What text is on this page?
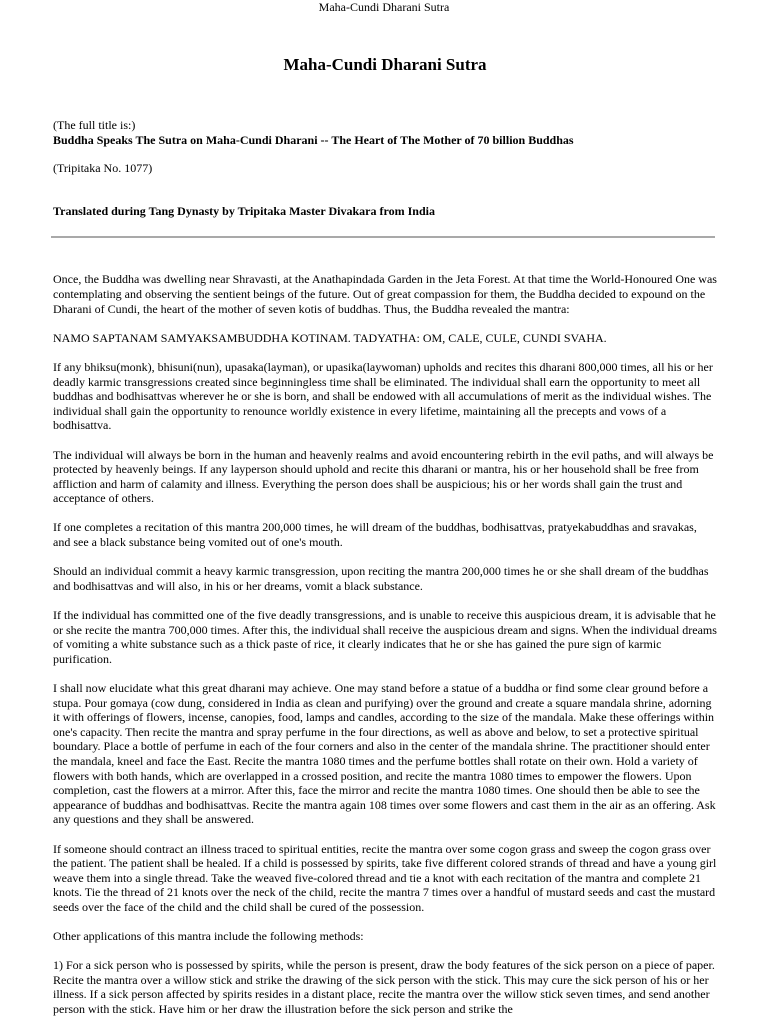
Maha-Cundi Dharani Sutra
Maha-Cundi Dharani Sutra

(The full title is:)

Buddha Speaks The Sutra on Maha-Cundi Dharani -- The Heart of The Mother of 70 billion Buddhas

(Tripitaka No. 1077)

Translated during Tang Dynasty by Tripitaka Master Divakara from India

Once, the Buddha was dwelling near Shravasti, at the Anathapindada Garden in the Jeta Forest. At that time the World-Honoured One was contemplating and observing the sentient beings of the future. Out of great compassion for them, the Buddha decided to expound on the Dharani of Cundi, the heart of the mother of seven kotis of buddhas. Thus, the Buddha revealed the mantra:

NAMO SAPTANAM SAMYAKSAMBUDDHA KOTINAM. TADYATHA: OM, CALE, CULE, CUNDI SVAHA.

If any bhiksu(monk), bhisuni(nun), upasaka(layman), or upasika(laywoman) upholds and recites this dharani 800,000 times, all his or her deadly karmic transgressions created since beginningless time shall be eliminated. The individual shall earn the opportunity to meet all buddhas and bodhisattvas wherever he or she is born, and shall be endowed with all accumulations of merit as the individual wishes. The individual shall gain the opportunity to renounce worldly existence in every lifetime, maintaining all the precepts and vows of a bodhisattva.

The individual will always be born in the human and heavenly realms and avoid encountering rebirth in the evil paths, and will always be protected by heavenly beings. If any layperson should uphold and recite this dharani or mantra, his or her household shall be free from affliction and harm of calamity and illness. Everything the person does shall be auspicious; his or her words shall gain the trust and acceptance of others.

If one completes a recitation of this mantra 200,000 times, he will dream of the buddhas, bodhisattvas, pratyekabuddhas and sravakas, and see a black substance being vomited out of one's mouth.

Should an individual commit a heavy karmic transgression, upon reciting the mantra 200,000 times he or she shall dream of the buddhas and bodhisattvas and will also, in his or her dreams, vomit a black substance.

If the individual has committed one of the five deadly transgressions, and is unable to receive this auspicious dream, it is advisable that he or she recite the mantra 700,000 times. After this, the individual shall receive the auspicious dream and signs. When the individual dreams of vomiting a white substance such as a thick paste of rice, it clearly indicates that he or she has gained the pure sign of karmic purification.

I shall now elucidate what this great dharani may achieve. One may stand before a statue of a buddha or find some clear ground before a stupa. Pour gomaya (cow dung, considered in India as clean and purifying) over the ground and create a square mandala shrine, adorning it with offerings of flowers, incense, canopies, food, lamps and candles, according to the size of the mandala. Make these offerings within one's capacity. Then recite the mantra and spray perfume in the four directions, as well as above and below, to set a protective spiritual boundary. Place a bottle of perfume in each of the four corners and also in the center of the mandala shrine. The practitioner should enter the mandala, kneel and face the East. Recite the mantra 1080 times and the perfume bottles shall rotate on their own. Hold a variety of flowers with both hands, which are overlapped in a crossed position, and recite the mantra 1080 times to empower the flowers. Upon completion, cast the flowers at a mirror. After this, face the mirror and recite the mantra 1080 times. One should then be able to see the appearance of buddhas and bodhisattvas. Recite the mantra again 108 times over some flowers and cast them in the air as an offering. Ask any questions and they shall be answered.

If someone should contract an illness traced to spiritual entities, recite the mantra over some cogon grass and sweep the cogon grass over the patient. The patient shall be healed. If a child is possessed by spirits, take five different colored strands of thread and have a young girl weave them into a single thread. Take the weaved five-colored thread and tie a knot with each recitation of the mantra and complete 21 knots. Tie the thread of 21 knots over the neck of the child, recite the mantra 7 times over a handful of mustard seeds and cast the mustard seeds over the face of the child and the child shall be cured of the possession.

Other applications of this mantra include the following methods:

1) For a sick person who is possessed by spirits, while the person is present, draw the body features of the sick person on a piece of paper. Recite the mantra over a willow stick and strike the drawing of the sick person with the stick. This may cure the sick person of his or her illness. If a sick person affected by spirits resides in a distant place, recite the mantra over the willow stick seven times, and send another person with the stick. Have him or her draw the illustration before the sick person and strike the
